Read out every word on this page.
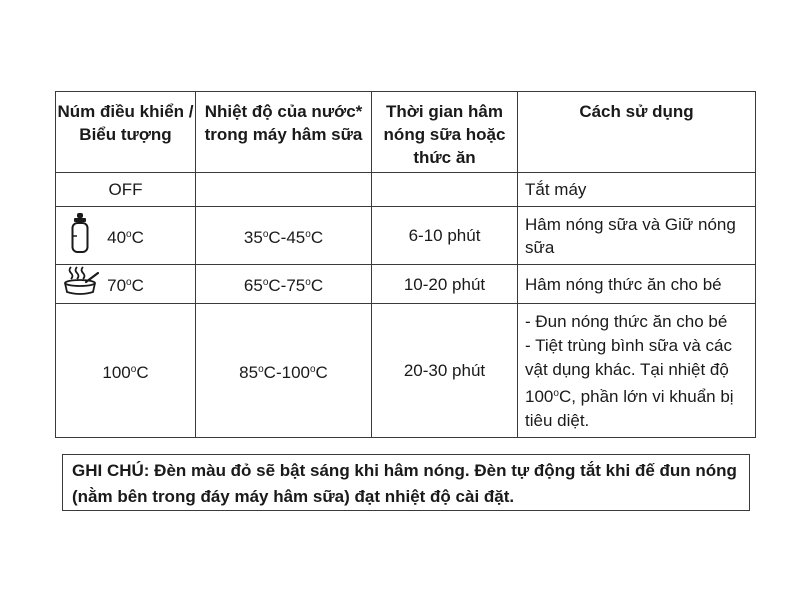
Núm điều khiển / Biểu tượng	Nhiệt độ của nước* trong máy hâm sữa	Thời gian hâm nóng sữa hoặc thức ăn	Cách sử dụng
OFF			Tắt máy

40$^o$C	35$^o$C-45$^o$C	6-10 phút	Hâm nóng sữa và Giữ nóng sữa

70$^o$C	65$^o$C-75$^o$C	10-20 phút	Hâm nóng thức ăn cho bé
100$^o$C	85$^o$C-100$^o$C	20-30 phút	- Đun nóng thức ăn cho bé
- Tiệt trùng bình sữa và các vật dụng khác. Tại nhiệt độ 100$^o$C, phần lớn vi khuẩn bị tiêu diệt.
GHI CHÚ: Đèn màu đỏ sẽ bật sáng khi hâm nóng. Đèn tự động tắt khi đế đun nóng (nằm bên trong đáy máy hâm sữa) đạt nhiệt độ cài đặt.
